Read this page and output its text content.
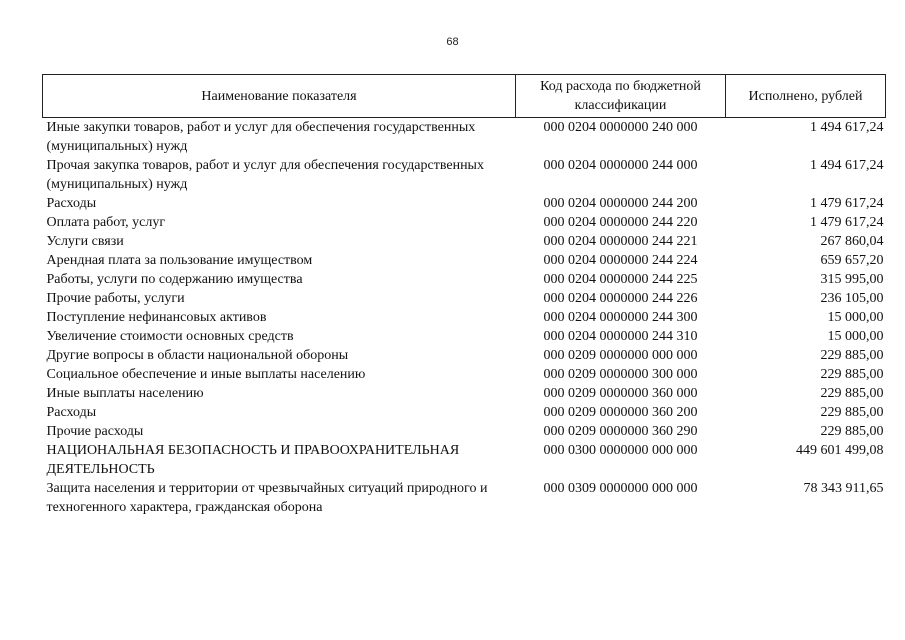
68
Наименование показателя	Код расхода по бюджетной классификации	Исполнено, рублей
Иные закупки товаров, работ и услуг для обеспечения государственных (муниципальных) нужд	000 0204 0000000 240 000	1 494 617,24
Прочая закупка товаров, работ и услуг для обеспечения государственных (муниципальных) нужд	000 0204 0000000 244 000	1 494 617,24
Расходы	000 0204 0000000 244 200	1 479 617,24
Оплата работ, услуг	000 0204 0000000 244 220	1 479 617,24
Услуги связи	000 0204 0000000 244 221	267 860,04
Арендная плата за пользование имуществом	000 0204 0000000 244 224	659 657,20
Работы, услуги по содержанию имущества	000 0204 0000000 244 225	315 995,00
Прочие работы, услуги	000 0204 0000000 244 226	236 105,00
Поступление нефинансовых активов	000 0204 0000000 244 300	15 000,00
Увеличение стоимости основных средств	000 0204 0000000 244 310	15 000,00
Другие вопросы в области национальной обороны	000 0209 0000000 000 000	229 885,00
Социальное обеспечение и иные выплаты населению	000 0209 0000000 300 000	229 885,00
Иные выплаты населению	000 0209 0000000 360 000	229 885,00
Расходы	000 0209 0000000 360 200	229 885,00
Прочие расходы	000 0209 0000000 360 290	229 885,00
НАЦИОНАЛЬНАЯ БЕЗОПАСНОСТЬ И ПРАВООХРАНИТЕЛЬНАЯ ДЕЯТЕЛЬНОСТЬ	000 0300 0000000 000 000	449 601 499,08
Защита населения и территории от чрезвычайных ситуаций природного и техногенного характера, гражданская оборона	000 0309 0000000 000 000	78 343 911,65
